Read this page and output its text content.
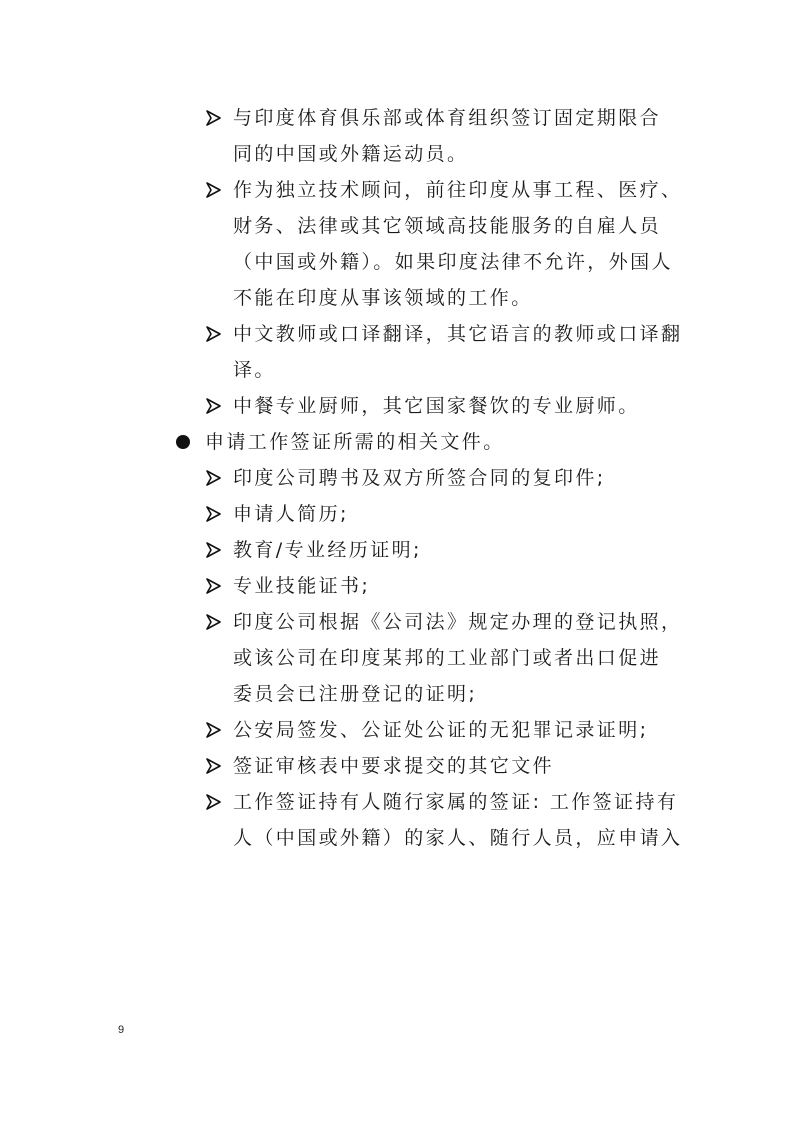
与印度体育俱乐部或体育组织签订固定期限合
同的中国或外籍运动员。
作为独立技术顾问，前往印度从事工程、医疗、
财务、法律或其它领域高技能服务的自雇人员
（中国或外籍）。如果印度法律不允许，外国人
不能在印度从事该领域的工作。
中文教师或口译翻译，其它语言的教师或口译翻
译。
中餐专业厨师，其它国家餐饮的专业厨师。
申请工作签证所需的相关文件。
印度公司聘书及双方所签合同的复印件;
申请人简历;
教育/专业经历证明;
专业技能证书;
印度公司根据《公司法》规定办理的登记执照，
或该公司在印度某邦的工业部门或者出口促进
委员会已注册登记的证明;
公安局签发、公证处公证的无犯罪记录证明;
签证审核表中要求提交的其它文件
工作签证持有人随行家属的签证: 工作签证持有
人（中国或外籍）的家人、随行人员，应申请入
9
